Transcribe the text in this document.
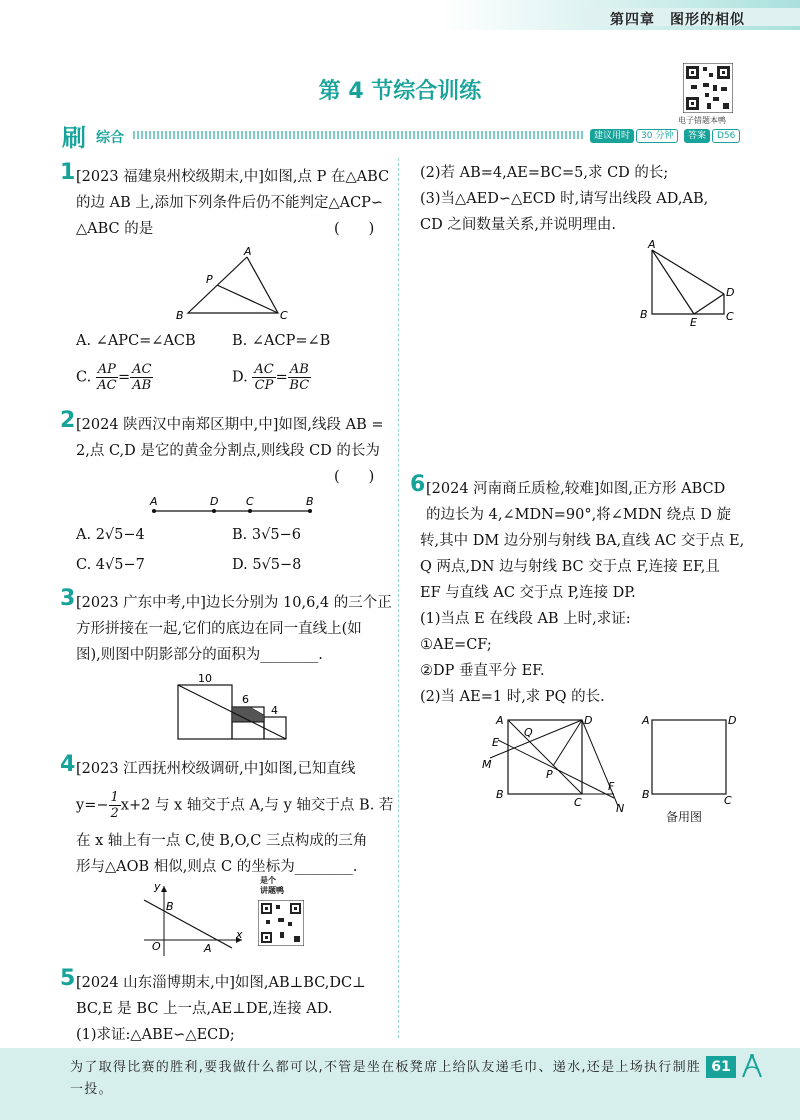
第四章　图形的相似
第 4 节综合训练
电子错题本鸭
刷 综合	建议用时	30 分钟	答案	D56
1 [2023 福建泉州校级期末,中]如图,点 P 在△ABC
的边 AB 上,添加下列条件后仍不能判定△ACP∽
△ABC 的是	(　　)
A
P
B	C
A. ∠APC=∠ACB	B. ∠ACP=∠B
C. $\frac{AP}{AC} = \frac{AC}{AB}$	D. $\frac{AC}{CP} = \frac{AB}{BC}$
2 [2024 陕西汉中南郑区期中,中]如图,线段 AB =
2,点 C,D 是它的黄金分割点,则线段 CD 的长为
(　　)
A	D	C	B
A. 2√5−4	B. 3√5−6
C. 4√5−7	D. 5√5−8
3 [2023 广东中考,中]边长分别为 10,6,4 的三个正
方形拼接在一起,它们的底边在同一直线上(如
图),则图中阴影部分的面积为________.
10
6
4
4 [2023 江西抚州校级调研,中]如图,已知直线
$y=- \frac{1}{2} x+2$ 与 x 轴交于点 A,与 y 轴交于点 B. 若
在 x 轴上有一点 C,使 B,O,C 三点构成的三角
形与△AOB 相似,则点 C 的坐标为________.
x
y
O	A
B
是个
讲题鸭
5 [2024 山东淄博期末,中]如图,AB⊥BC,DC⊥
BC,E 是 BC 上一点,AE⊥DE,连接 AD.
(1)求证:△ABE∽△ECD;
(2)若 AB=4,AE=BC=5,求 CD 的长;
(3)当△AED∽△ECD 时,请写出线段 AD,AB,
CD 之间数量关系,并说明理由.
A
B
E	C
D
6 [2024 河南商丘质检,较难]如图,正方形 ABCD
的边长为 4,∠MDN=90°,将∠MDN 绕点 D 旋
转,其中 DM 边分别与射线 BA,直线 AC 交于点 E,
Q 两点,DN 边与射线 BC 交于点 F,连接 EF,且
EF 与直线 AC 交于点 P,连接 DP.
(1)当点 E 在线段 AB 上时,求证:
①AE=CF;
②DP 垂直平分 EF.
(2)当 AE=1 时,求 PQ 的长.
A	D
B
C
E
M
Q
P
F
N
A	D
B	C
备用图
为了取得比赛的胜利,要我做什么都可以,不管是坐在板凳席上给队友递毛巾、递水,还是上场执行制胜一投。
61
